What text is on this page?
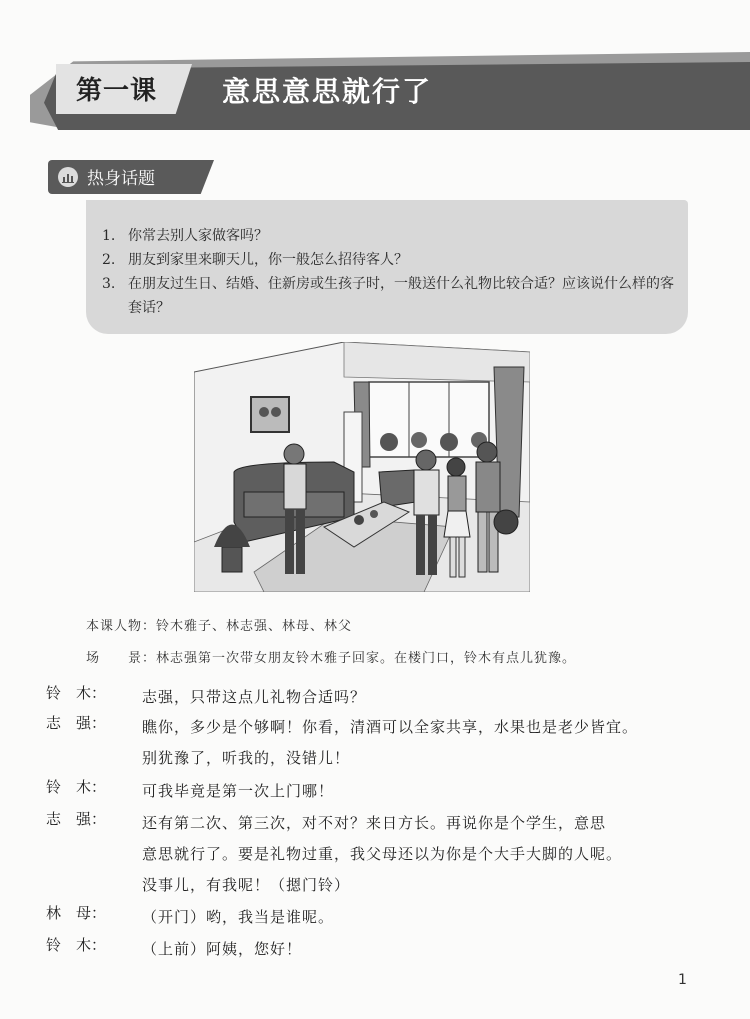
第一课 意思意思就行了
热身话题
1. 你常去别人家做客吗？
2. 朋友到家里来聊天儿，你一般怎么招待客人？
3. 在朋友过生日、结婚、住新房或生孩子时，一般送什么礼物比较合适？应该说什么样的客套话？
本课人物：铃木雅子、林志强、林母、林父
场　　景：林志强第一次带女朋友铃木雅子回家。在楼门口，铃木有点儿犹豫。
铃　木：	志强，只带这点儿礼物合适吗？
志　强：	瞧你，多少是个够啊！你看，清酒可以全家共享，水果也是老少皆宜。
别犹豫了，听我的，没错儿！
铃　木：	可我毕竟是第一次上门哪！
志　强：	还有第二次、第三次，对不对？来日方长。再说你是个学生，意思
意思就行了。要是礼物过重，我父母还以为你是个大手大脚的人呢。
没事儿，有我呢！（摁门铃）
林　母：	（开门）哟，我当是谁呢。
铃　木：	（上前）阿姨，您好！
1
